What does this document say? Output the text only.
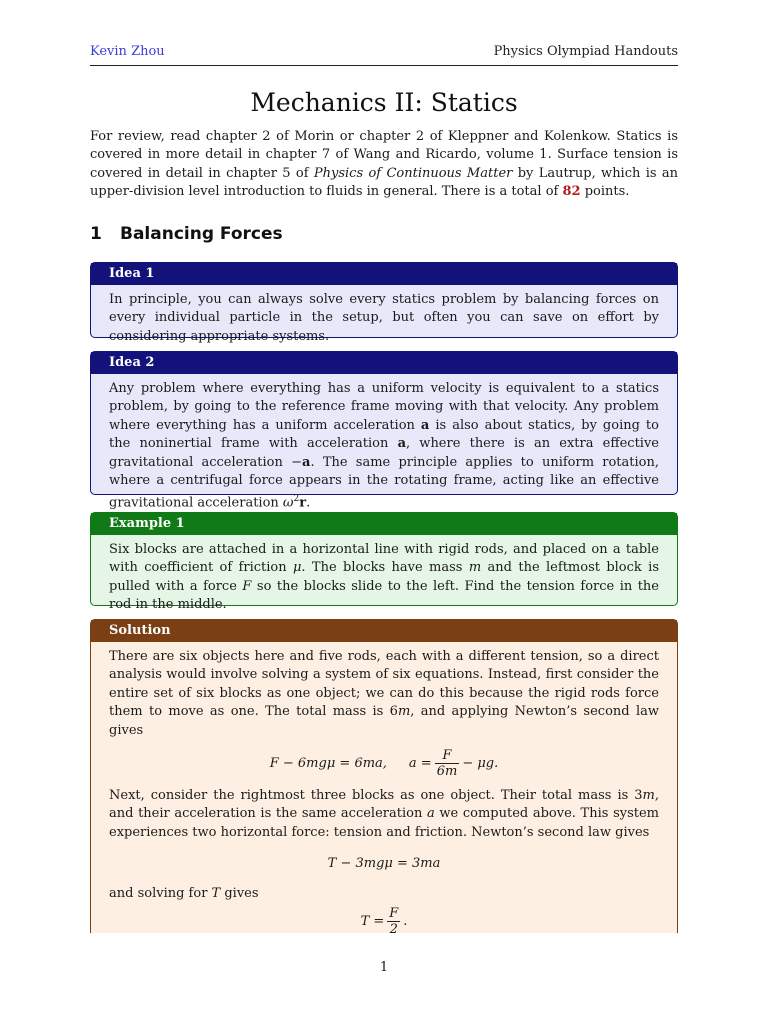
Kevin Zhou	Physics Olympiad Handouts
Mechanics II: Statics
For review, read chapter 2 of Morin or chapter 2 of Kleppner and Kolenkow. Statics is covered in more detail in chapter 7 of Wang and Ricardo, volume 1. Surface tension is covered in detail in chapter 5 of Physics of Continuous Matter by Lautrup, which is an upper-division level introduction to fluids in general. There is a total of 82 points.
1 Balancing Forces
Idea 1
In principle, you can always solve every statics problem by balancing forces on every individual particle in the setup, but often you can save on effort by considering appropriate systems.
Idea 2
Any problem where everything has a uniform velocity is equivalent to a statics problem, by going to the reference frame moving with that velocity. Any problem where everything has a uniform acceleration a is also about statics, by going to the noninertial frame with acceleration a, where there is an extra effective gravitational acceleration −a. The same principle applies to uniform rotation, where a centrifugal force appears in the rotating frame, acting like an effective gravitational acceleration $\omega^2r$.
Example 1
Six blocks are attached in a horizontal line with rigid rods, and placed on a table with coefficient of friction μ. The blocks have mass m and the leftmost block is pulled with a force F so the blocks slide to the left. Find the tension force in the rod in the middle.
Solution
There are six objects here and five rods, each with a different tension, so a direct analysis would involve solving a system of six equations. Instead, first consider the entire set of six blocks as one object; we can do this because the rigid rods force them to move as one. The total mass is 6m, and applying Newton’s second law gives
F − 6mgμ = 6ma, $a = \frac{F}{6m} - \mu g$.
Next, consider the rightmost three blocks as one object. Their total mass is 3m, and their acceleration is the same acceleration a we computed above. This system experiences two horizontal force: tension and friction. Newton’s second law gives
T − 3mgμ = 3ma
and solving for T gives
$T = \frac{F}{2}$ .
1
